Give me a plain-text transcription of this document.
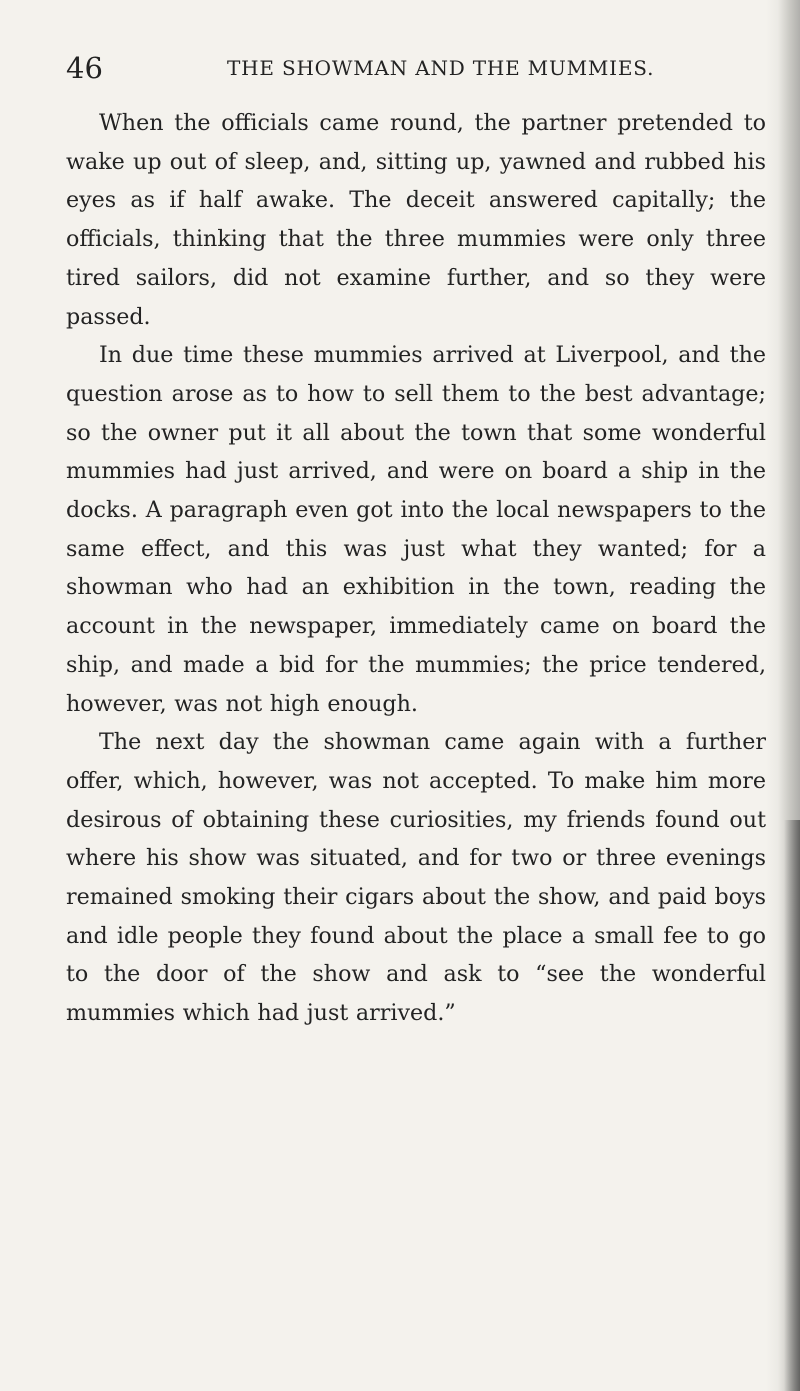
46	THE SHOWMAN AND THE MUMMIES.

When the officials came round, the partner pretended to wake up out of sleep, and, sitting up, yawned and rubbed his eyes as if half awake. The deceit answered capitally; the officials, thinking that the three mummies were only three tired sailors, did not examine further, and so they were passed.

In due time these mummies arrived at Liverpool, and the question arose as to how to sell them to the best advantage; so the owner put it all about the town that some wonderful mummies had just arrived, and were on board a ship in the docks. A paragraph even got into the local newspapers to the same effect, and this was just what they wanted; for a showman who had an exhibition in the town, reading the account in the newspaper, immediately came on board the ship, and made a bid for the mummies; the price tendered, however, was not high enough.

The next day the showman came again with a further offer, which, however, was not accepted. To make him more desirous of obtaining these curiosities, my friends found out where his show was situated, and for two or three evenings remained smoking their cigars about the show, and paid boys and idle people they found about the place a small fee to go to the door of the show and ask to “see the wonderful mummies which had just arrived.”
